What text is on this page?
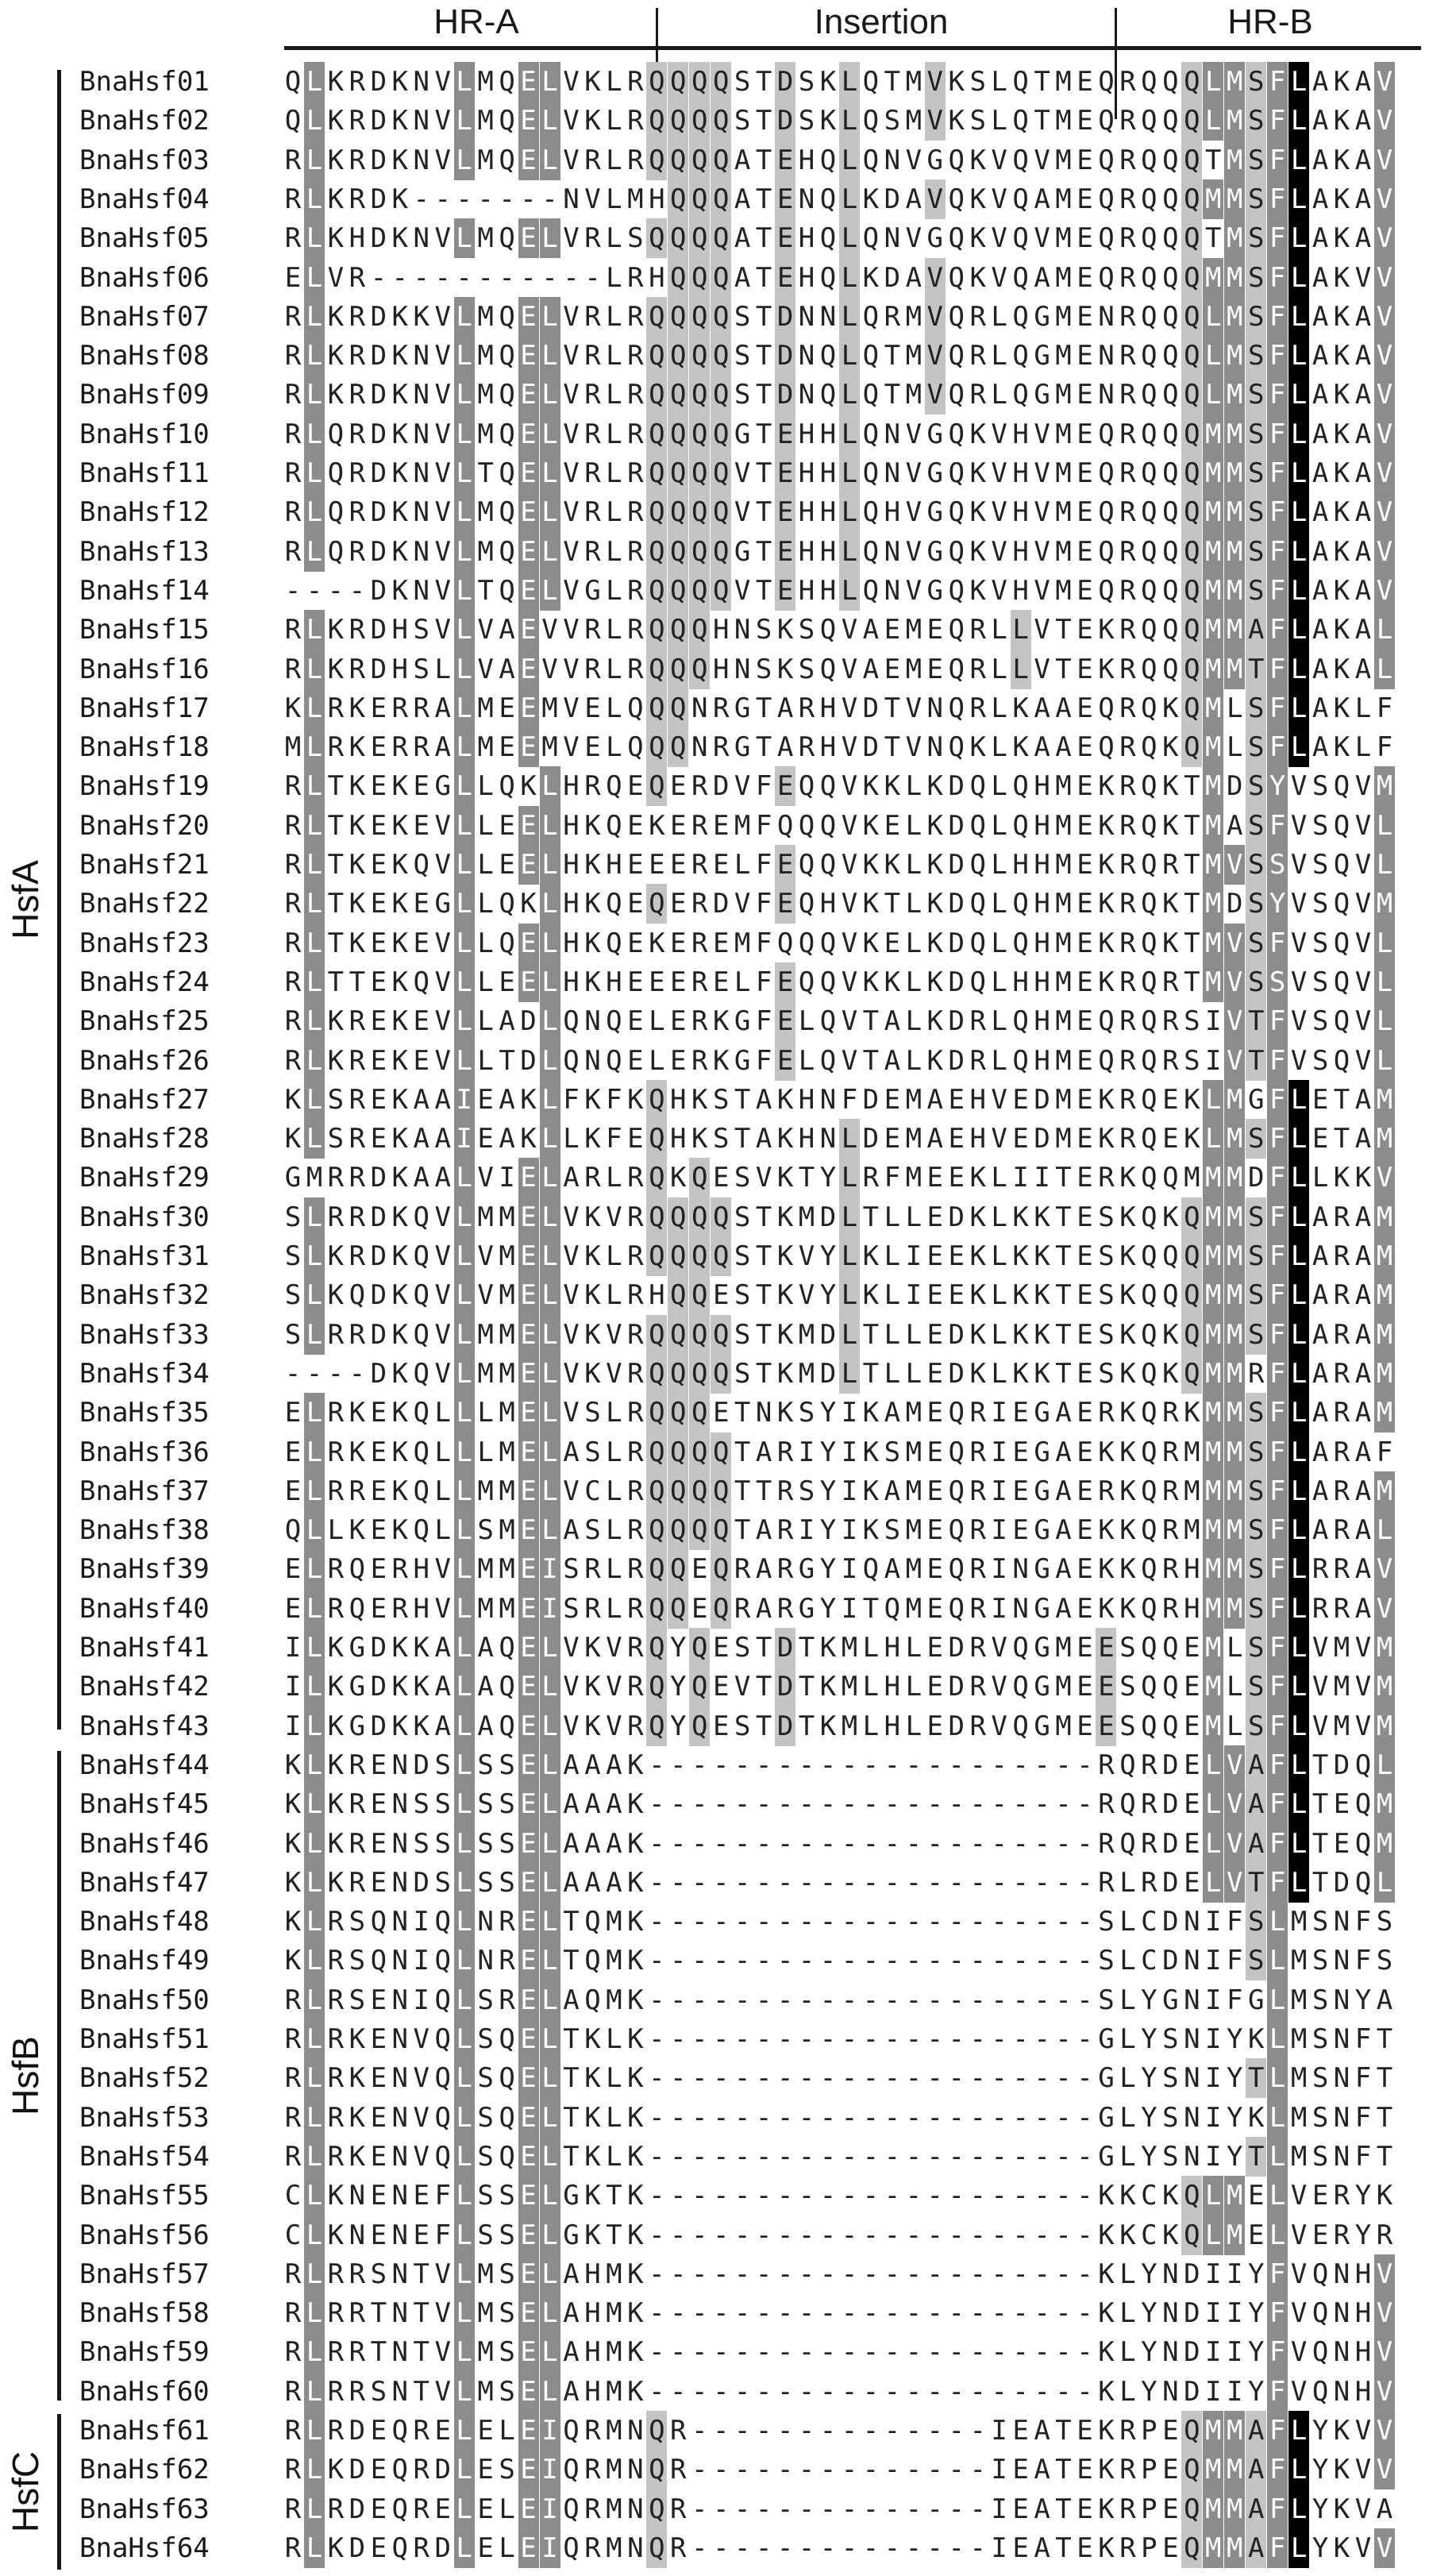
HR-A	Insertion	HR-B
HsfA
HsfB
HsfC
BnaHsf01	Q L K R D K N V L M Q E L V K L R Q Q Q Q S T D S K L Q T M V K S L Q T M E Q R Q Q Q L M S F L A K A V
BnaHsf02	Q L K R D K N V L M Q E L V K L R Q Q Q Q S T D S K L Q S M V K S L Q T M E Q R Q Q Q L M S F L A K A V
BnaHsf03	R L K R D K N V L M Q E L V R L R Q Q Q Q A T E H Q L Q N V G Q K V Q V M E Q R Q Q Q T M S F L A K A V
BnaHsf04	R L K R D K - - - - - - - N V L M H Q Q Q A T E N Q L K D A V Q K V Q A M E Q R Q Q Q M M S F L A K A V
BnaHsf05	R L K H D K N V L M Q E L V R L S Q Q Q Q A T E H Q L Q N V G Q K V Q V M E Q R Q Q Q T M S F L A K A V
BnaHsf06	E L V R - - - - - - - - - - - L R H Q Q Q A T E H Q L K D A V Q K V Q A M E Q R Q Q Q M M S F L A K V V
BnaHsf07	R L K R D K K V L M Q E L V R L R Q Q Q Q S T D N N L Q R M V Q R L Q G M E N R Q Q Q L M S F L A K A V
BnaHsf08	R L K R D K N V L M Q E L V R L R Q Q Q Q S T D N Q L Q T M V Q R L Q G M E N R Q Q Q L M S F L A K A V
BnaHsf09	R L K R D K N V L M Q E L V R L R Q Q Q Q S T D N Q L Q T M V Q R L Q G M E N R Q Q Q L M S F L A K A V
BnaHsf10	R L Q R D K N V L M Q E L V R L R Q Q Q Q G T E H H L Q N V G Q K V H V M E Q R Q Q Q M M S F L A K A V
BnaHsf11	R L Q R D K N V L T Q E L V R L R Q Q Q Q V T E H H L Q N V G Q K V H V M E Q R Q Q Q M M S F L A K A V
BnaHsf12	R L Q R D K N V L M Q E L V R L R Q Q Q Q V T E H H L Q H V G Q K V H V M E Q R Q Q Q M M S F L A K A V
BnaHsf13	R L Q R D K N V L M Q E L V R L R Q Q Q Q G T E H H L Q N V G Q K V H V M E Q R Q Q Q M M S F L A K A V
BnaHsf14	- - - - D K N V L T Q E L V G L R Q Q Q Q V T E H H L Q N V G Q K V H V M E Q R Q Q Q M M S F L A K A V
BnaHsf15	R L K R D H S V L V A E V V R L R Q Q Q H N S K S Q V A E M E Q R L L V T E K R Q Q Q M M A F L A K A L
BnaHsf16	R L K R D H S L L V A E V V R L R Q Q Q H N S K S Q V A E M E Q R L L V T E K R Q Q Q M M T F L A K A L
BnaHsf17	K L R K E R R A L M E E M V E L Q Q Q N R G T A R H V D T V N Q R L K A A E Q R Q K Q M L S F L A K L F
BnaHsf18	M L R K E R R A L M E E M V E L Q Q Q N R G T A R H V D T V N Q K L K A A E Q R Q K Q M L S F L A K L F
BnaHsf19	R L T K E K E G L L Q K L H R Q E Q E R D V F E Q Q V K K L K D Q L Q H M E K R Q K T M D S Y V S Q V M
BnaHsf20	R L T K E K E V L L E E L H K Q E K E R E M F Q Q Q V K E L K D Q L Q H M E K R Q K T M A S F V S Q V L
BnaHsf21	R L T K E K Q V L L E E L H K H E E E R E L F E Q Q V K K L K D Q L H H M E K R Q R T M V S S V S Q V L
BnaHsf22	R L T K E K E G L L Q K L H K Q E Q E R D V F E Q H V K T L K D Q L Q H M E K R Q K T M D S Y V S Q V M
BnaHsf23	R L T K E K E V L L Q E L H K Q E K E R E M F Q Q Q V K E L K D Q L Q H M E K R Q K T M V S F V S Q V L
BnaHsf24	R L T T E K Q V L L E E L H K H E E E R E L F E Q Q V K K L K D Q L H H M E K R Q R T M V S S V S Q V L
BnaHsf25	R L K R E K E V L L A D L Q N Q E L E R K G F E L Q V T A L K D R L Q H M E Q R Q R S I V T F V S Q V L
BnaHsf26	R L K R E K E V L L T D L Q N Q E L E R K G F E L Q V T A L K D R L Q H M E Q R Q R S I V T F V S Q V L
BnaHsf27	K L S R E K A A I E A K L F K F K Q H K S T A K H N F D E M A E H V E D M E K R Q E K L M G F L E T A M
BnaHsf28	K L S R E K A A I E A K L L K F E Q H K S T A K H N L D E M A E H V E D M E K R Q E K L M S F L E T A M
BnaHsf29	G M R R D K A A L V I E L A R L R Q K Q E S V K T Y L R F M E E K L I I T E R K Q Q M M M D F L L K K V
BnaHsf30	S L R R D K Q V L M M E L V K V R Q Q Q Q S T K M D L T L L E D K L K K T E S K Q K Q M M S F L A R A M
BnaHsf31	S L K R D K Q V L V M E L V K L R Q Q Q Q S T K V Y L K L I E E K L K K T E S K Q Q Q M M S F L A R A M
BnaHsf32	S L K Q D K Q V L V M E L V K L R H Q Q E S T K V Y L K L I E E K L K K T E S K Q Q Q M M S F L A R A M
BnaHsf33	S L R R D K Q V L M M E L V K V R Q Q Q Q S T K M D L T L L E D K L K K T E S K Q K Q M M S F L A R A M
BnaHsf34	- - - - D K Q V L M M E L V K V R Q Q Q Q S T K M D L T L L E D K L K K T E S K Q K Q M M R F L A R A M
BnaHsf35	E L R K E K Q L L L M E L V S L R Q Q Q E T N K S Y I K A M E Q R I E G A E R K Q R K M M S F L A R A M
BnaHsf36	E L R K E K Q L L L M E L A S L R Q Q Q Q T A R I Y I K S M E Q R I E G A E K K Q R M M M S F L A R A F
BnaHsf37	E L R R E K Q L L M M E L V C L R Q Q Q Q T T R S Y I K A M E Q R I E G A E R K Q R M M M S F L A R A M
BnaHsf38	Q L L K E K Q L L S M E L A S L R Q Q Q Q T A R I Y I K S M E Q R I E G A E K K Q R M M M S F L A R A L
BnaHsf39	E L R Q E R H V L M M E I S R L R Q Q E Q R A R G Y I Q A M E Q R I N G A E K K Q R H M M S F L R R A V
BnaHsf40	E L R Q E R H V L M M E I S R L R Q Q E Q R A R G Y I T Q M E Q R I N G A E K K Q R H M M S F L R R A V
BnaHsf41	I L K G D K K A L A Q E L V K V R Q Y Q E S T D T K M L H L E D R V Q G M E E S Q Q E M L S F L V M V M
BnaHsf42	I L K G D K K A L A Q E L V K V R Q Y Q E V T D T K M L H L E D R V Q G M E E S Q Q E M L S F L V M V M
BnaHsf43	I L K G D K K A L A Q E L V K V R Q Y Q E S T D T K M L H L E D R V Q G M E E S Q Q E M L S F L V M V M
BnaHsf44	K L K R E N D S L S S E L A A A K - - - - - - - - - - - - - - - - - - - - - R Q R D E L V A F L T D Q L
BnaHsf45	K L K R E N S S L S S E L A A A K - - - - - - - - - - - - - - - - - - - - - R Q R D E L V A F L T E Q M
BnaHsf46	K L K R E N S S L S S E L A A A K - - - - - - - - - - - - - - - - - - - - - R Q R D E L V A F L T E Q M
BnaHsf47	K L K R E N D S L S S E L A A A K - - - - - - - - - - - - - - - - - - - - - R L R D E L V T F L T D Q L
BnaHsf48	K L R S Q N I Q L N R E L T Q M K - - - - - - - - - - - - - - - - - - - - - S L C D N I F S L M S N F S
BnaHsf49	K L R S Q N I Q L N R E L T Q M K - - - - - - - - - - - - - - - - - - - - - S L C D N I F S L M S N F S
BnaHsf50	R L R S E N I Q L S R E L A Q M K - - - - - - - - - - - - - - - - - - - - - S L Y G N I F G L M S N Y A
BnaHsf51	R L R K E N V Q L S Q E L T K L K - - - - - - - - - - - - - - - - - - - - - G L Y S N I Y K L M S N F T
BnaHsf52	R L R K E N V Q L S Q E L T K L K - - - - - - - - - - - - - - - - - - - - - G L Y S N I Y T L M S N F T
BnaHsf53	R L R K E N V Q L S Q E L T K L K - - - - - - - - - - - - - - - - - - - - - G L Y S N I Y K L M S N F T
BnaHsf54	R L R K E N V Q L S Q E L T K L K - - - - - - - - - - - - - - - - - - - - - G L Y S N I Y T L M S N F T
BnaHsf55	C L K N E N E F L S S E L G K T K - - - - - - - - - - - - - - - - - - - - - K K C K Q L M E L V E R Y K
BnaHsf56	C L K N E N E F L S S E L G K T K - - - - - - - - - - - - - - - - - - - - - K K C K Q L M E L V E R Y R
BnaHsf57	R L R R S N T V L M S E L A H M K - - - - - - - - - - - - - - - - - - - - - K L Y N D I I Y F V Q N H V
BnaHsf58	R L R R T N T V L M S E L A H M K - - - - - - - - - - - - - - - - - - - - - K L Y N D I I Y F V Q N H V
BnaHsf59	R L R R T N T V L M S E L A H M K - - - - - - - - - - - - - - - - - - - - - K L Y N D I I Y F V Q N H V
BnaHsf60	R L R R S N T V L M S E L A H M K - - - - - - - - - - - - - - - - - - - - - K L Y N D I I Y F V Q N H V
BnaHsf61	R L R D E Q R E L E L E I Q R M N Q R - - - - - - - - - - - - - - I E A T E K R P E Q M M A F L Y K V V
BnaHsf62	R L K D E Q R D L E S E I Q R M N Q R - - - - - - - - - - - - - - I E A T E K R P E Q M M A F L Y K V V
BnaHsf63	R L R D E Q R E L E L E I Q R M N Q R - - - - - - - - - - - - - - I E A T E K R P E Q M M A F L Y K V A
BnaHsf64	R L K D E Q R D L E L E I Q R M N Q R - - - - - - - - - - - - - - I E A T E K R P E Q M M A F L Y K V V
